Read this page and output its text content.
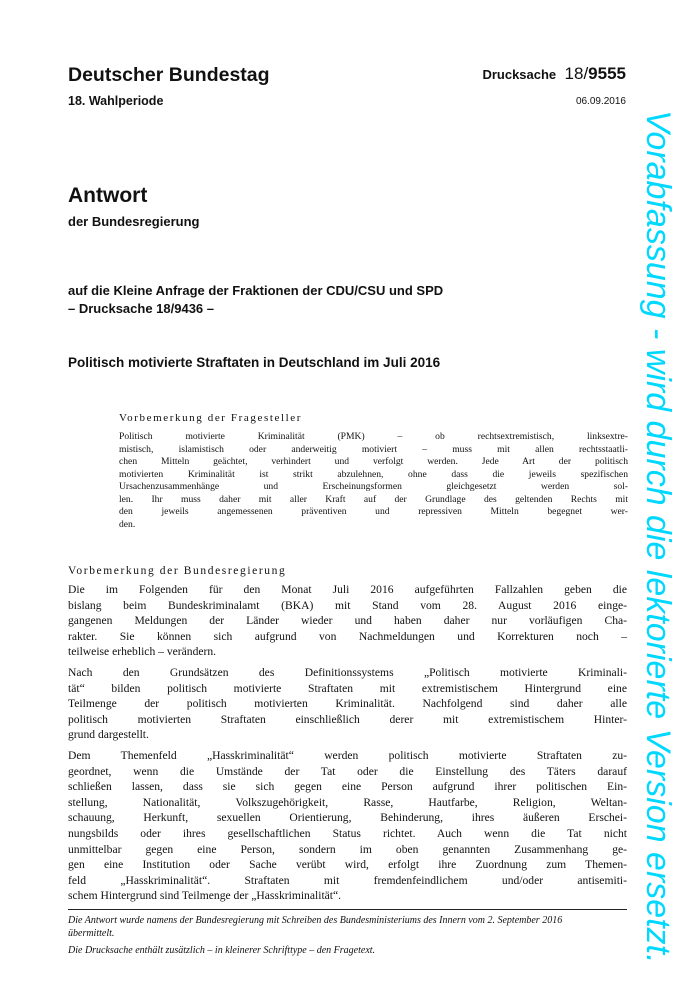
Deutscher Bundestag
18. Wahlperiode
Drucksache 18/9555
06.09.2016
Antwort
der Bundesregierung
auf die Kleine Anfrage der Fraktionen der CDU/CSU und SPD
– Drucksache 18/9436 –
Politisch motivierte Straftaten in Deutschland im Juli 2016
Vorbemerkung der Fragesteller
Politisch motivierte Kriminalität (PMK) – ob rechtsextremistisch, linksextre-
mistisch, islamistisch oder anderweitig motiviert – muss mit allen rechtsstaatli-
chen Mitteln geächtet, verhindert und verfolgt werden. Jede Art der politisch
motivierten Kriminalität ist strikt abzulehnen, ohne dass die jeweils spezifischen
Ursachenzusammenhänge und Erscheinungsformen gleichgesetzt werden sol-
len. Ihr muss daher mit aller Kraft auf der Grundlage des geltenden Rechts mit
den jeweils angemessenen präventiven und repressiven Mitteln begegnet wer-
den.
Vorbemerkung der Bundesregierung
Die im Folgenden für den Monat Juli 2016 aufgeführten Fallzahlen geben die
bislang beim Bundeskriminalamt (BKA) mit Stand vom 28. August 2016 einge-
gangenen Meldungen der Länder wieder und haben daher nur vorläufigen Cha-
rakter. Sie können sich aufgrund von Nachmeldungen und Korrekturen noch –
teilweise erheblich – verändern.
Nach den Grundsätzen des Definitionssystems „Politisch motivierte Kriminali-
tät“ bilden politisch motivierte Straftaten mit extremistischem Hintergrund eine
Teilmenge der politisch motivierten Kriminalität. Nachfolgend sind daher alle
politisch motivierten Straftaten einschließlich derer mit extremistischem Hinter-
grund dargestellt.
Dem Themenfeld „Hasskriminalität“ werden politisch motivierte Straftaten zu-
geordnet, wenn die Umstände der Tat oder die Einstellung des Täters darauf
schließen lassen, dass sie sich gegen eine Person aufgrund ihrer politischen Ein-
stellung, Nationalität, Volkszugehörigkeit, Rasse, Hautfarbe, Religion, Weltan-
schauung, Herkunft, sexuellen Orientierung, Behinderung, ihres äußeren Erschei-
nungsbilds oder ihres gesellschaftlichen Status richtet. Auch wenn die Tat nicht
unmittelbar gegen eine Person, sondern im oben genannten Zusammenhang ge-
gen eine Institution oder Sache verübt wird, erfolgt ihre Zuordnung zum Themen-
feld „Hasskriminalität“. Straftaten mit fremdenfeindlichem und/oder antisemiti-
schem Hintergrund sind Teilmenge der „Hasskriminalität“.
Die Antwort wurde namens der Bundesregierung mit Schreiben des Bundesministeriums des Innern vom 2. September 2016
übermittelt.
Die Drucksache enthält zusätzlich – in kleinerer Schrifttype – den Fragetext.	Vorabfassung - wird durch die lektorierte Version ersetzt.
